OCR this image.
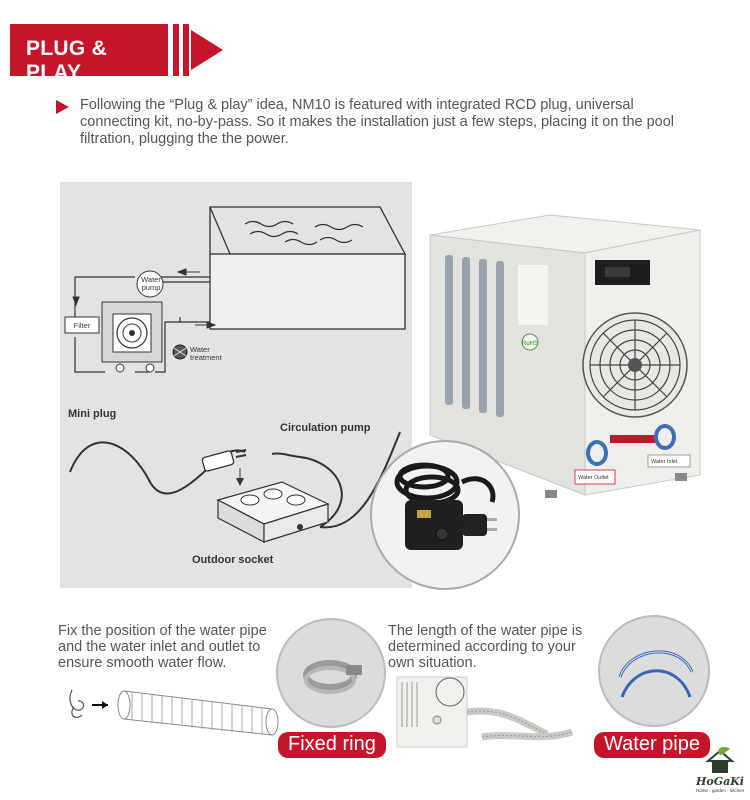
PLUG & PLAY
Following the “Plug & play” idea, NM10 is featured with integrated RCD plug, universal connecting kit, no-by-pass. So it makes the installation just a few steps, placing it on the pool filtration, plugging the the power.
Water pump
Filter
Water treatment
Mini plug
Circulation pump
Outdoor socket
RoHS
Water Outlet
Water Inlet
Fix the position of the water pipe and the water inlet and outlet to ensure smooth water flow.
Fixed ring
The length of the water pipe is determined according to your own situation.
Water pipe
HoGaKi
Home - garden - kitchen
